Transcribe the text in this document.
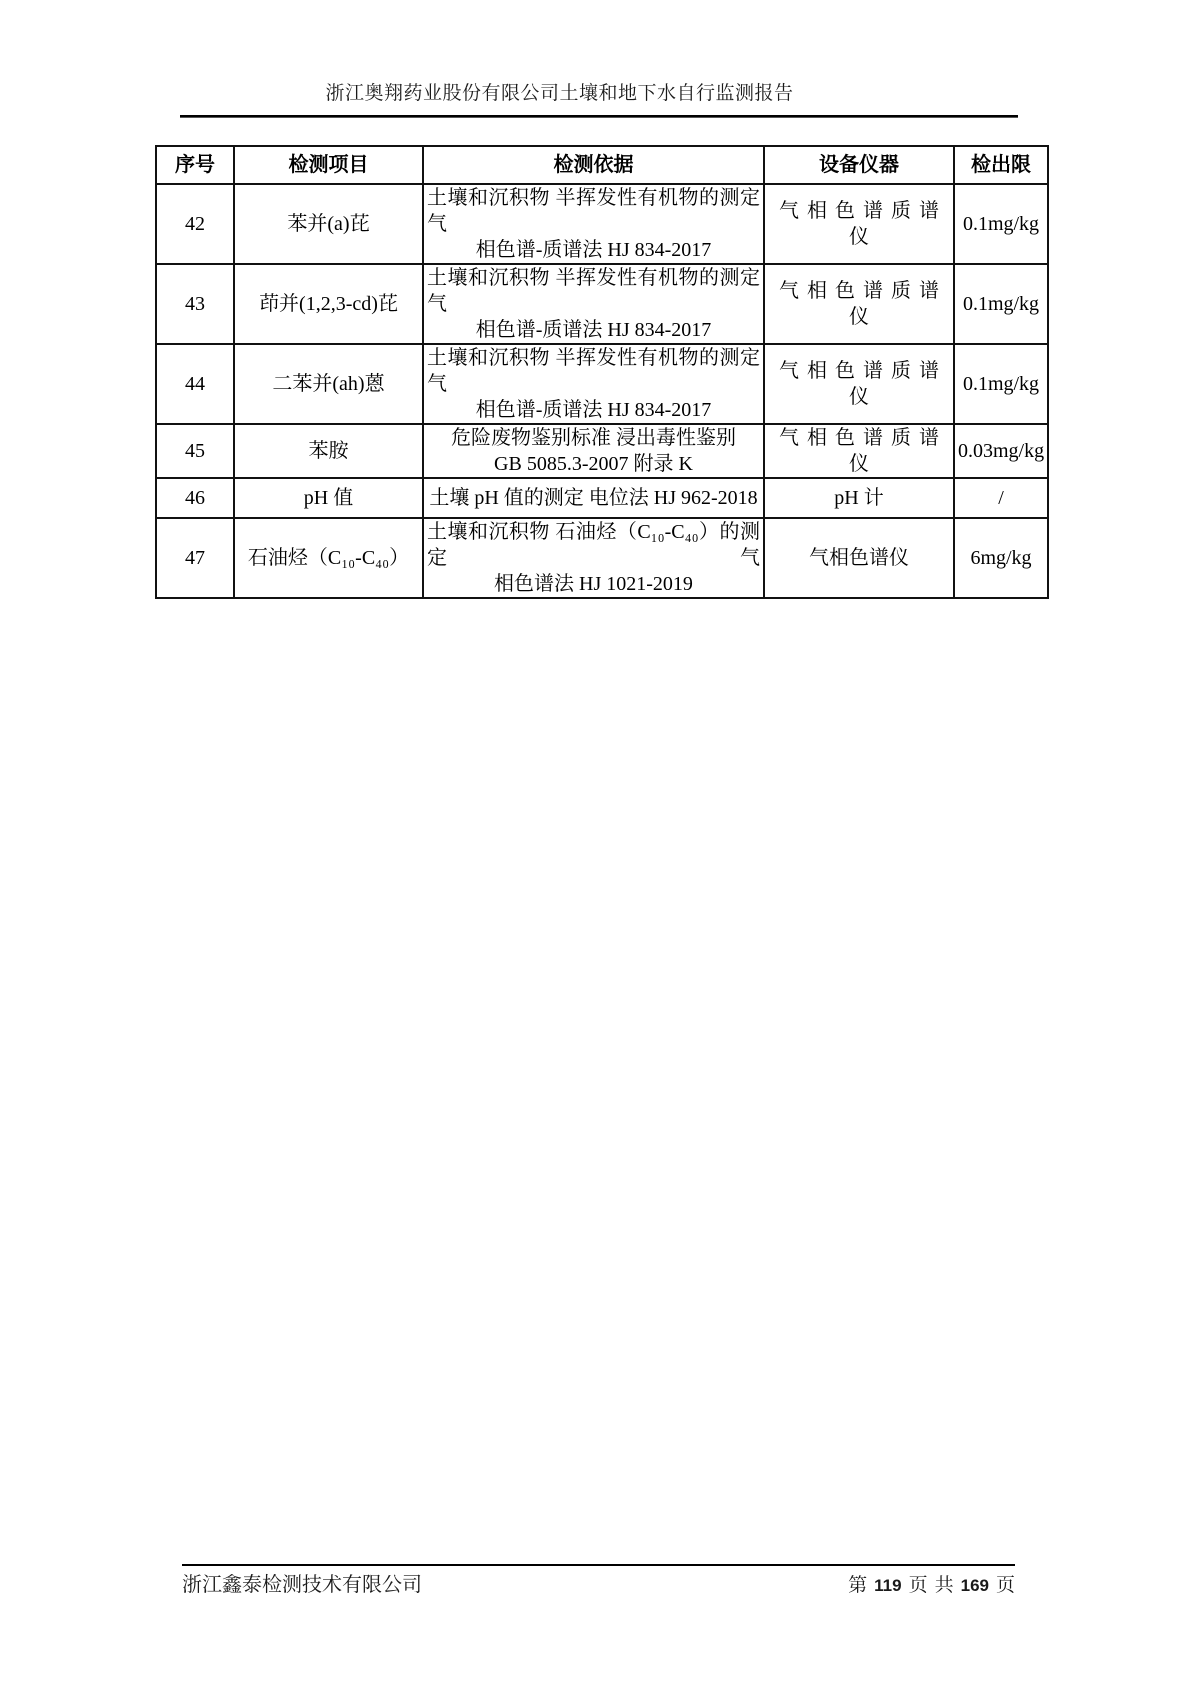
浙江奥翔药业股份有限公司土壤和地下水自行监测报告
序号	检测项目	检测依据	设备仪器	检出限

42	苯并(a)芘	土壤和沉积物 半挥发性有机物的测定 气
相色谱-质谱法 HJ 834-2017	气相色谱质谱
仪	0.1mg/kg

43	茚并(1,2,3-cd)芘	土壤和沉积物 半挥发性有机物的测定 气
相色谱-质谱法 HJ 834-2017	气相色谱质谱
仪	0.1mg/kg

44	二苯并(ah)蒽	土壤和沉积物 半挥发性有机物的测定 气
相色谱-质谱法 HJ 834-2017	气相色谱质谱
仪	0.1mg/kg

45	苯胺	危险废物鉴别标准 浸出毒性鉴别
GB 5085.3-2007 附录 K	气相色谱质谱
仪	0.03mg/kg

46	pH 值	土壤 pH 值的测定 电位法 HJ 962-2018	pH 计	/

47	石油烃（C₁₀-C₄₀）	土壤和沉积物 石油烃（C₁₀-C₄₀）的测定 气
相色谱法 HJ 1021-2019	气相色谱仪	6mg/kg
浙江鑫泰检测技术有限公司	第 119 页 共 169 页
